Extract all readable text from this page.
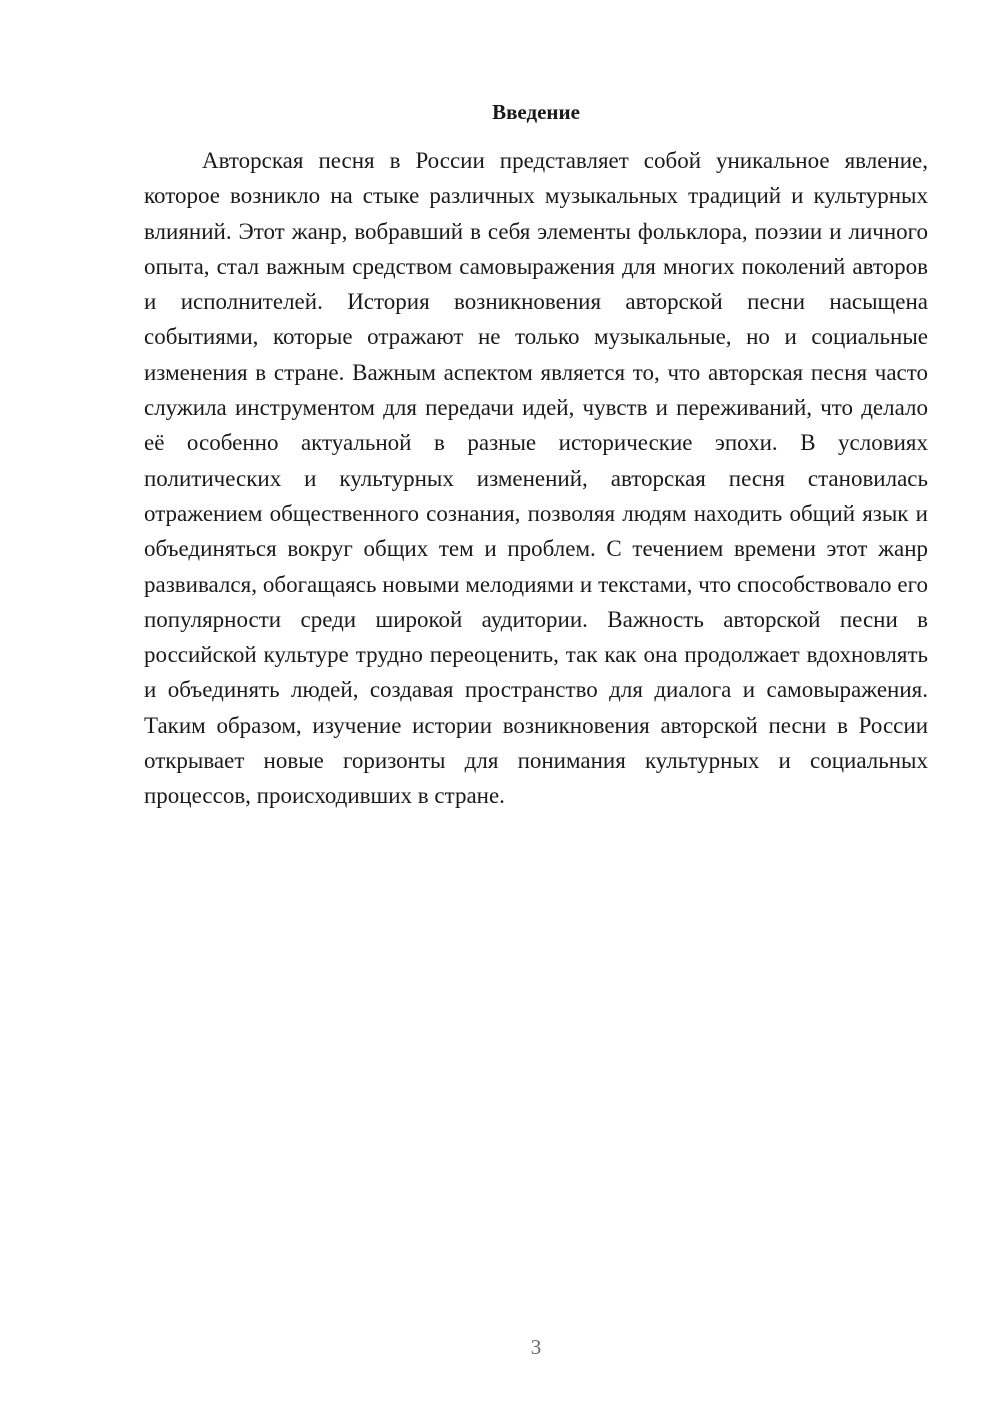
Введение

Авторская песня в России представляет собой уникальное явление, которое возникло на стыке различных музыкальных традиций и культурных влияний. Этот жанр, вобравший в себя элементы фольклора, поэзии и личного опыта, стал важным средством самовыражения для многих поколений авторов и исполнителей. История возникновения авторской песни насыщена событиями, которые отражают не только музыкальные, но и социальные изменения в стране. Важным аспектом является то, что авторская песня часто служила инструментом для передачи идей, чувств и переживаний, что делало её особенно актуальной в разные исторические эпохи. В условиях политических и культурных изменений, авторская песня становилась отражением общественного сознания, позволяя людям находить общий язык и объединяться вокруг общих тем и проблем. С течением времени этот жанр развивался, обогащаясь новыми мелодиями и текстами, что способствовало его популярности среди широкой аудитории. Важность авторской песни в российской культуре трудно переоценить, так как она продолжает вдохновлять и объединять людей, создавая пространство для диалога и самовыражения. Таким образом, изучение истории возникновения авторской песни в России открывает новые горизонты для понимания культурных и социальных процессов, происходивших в стране.

3
